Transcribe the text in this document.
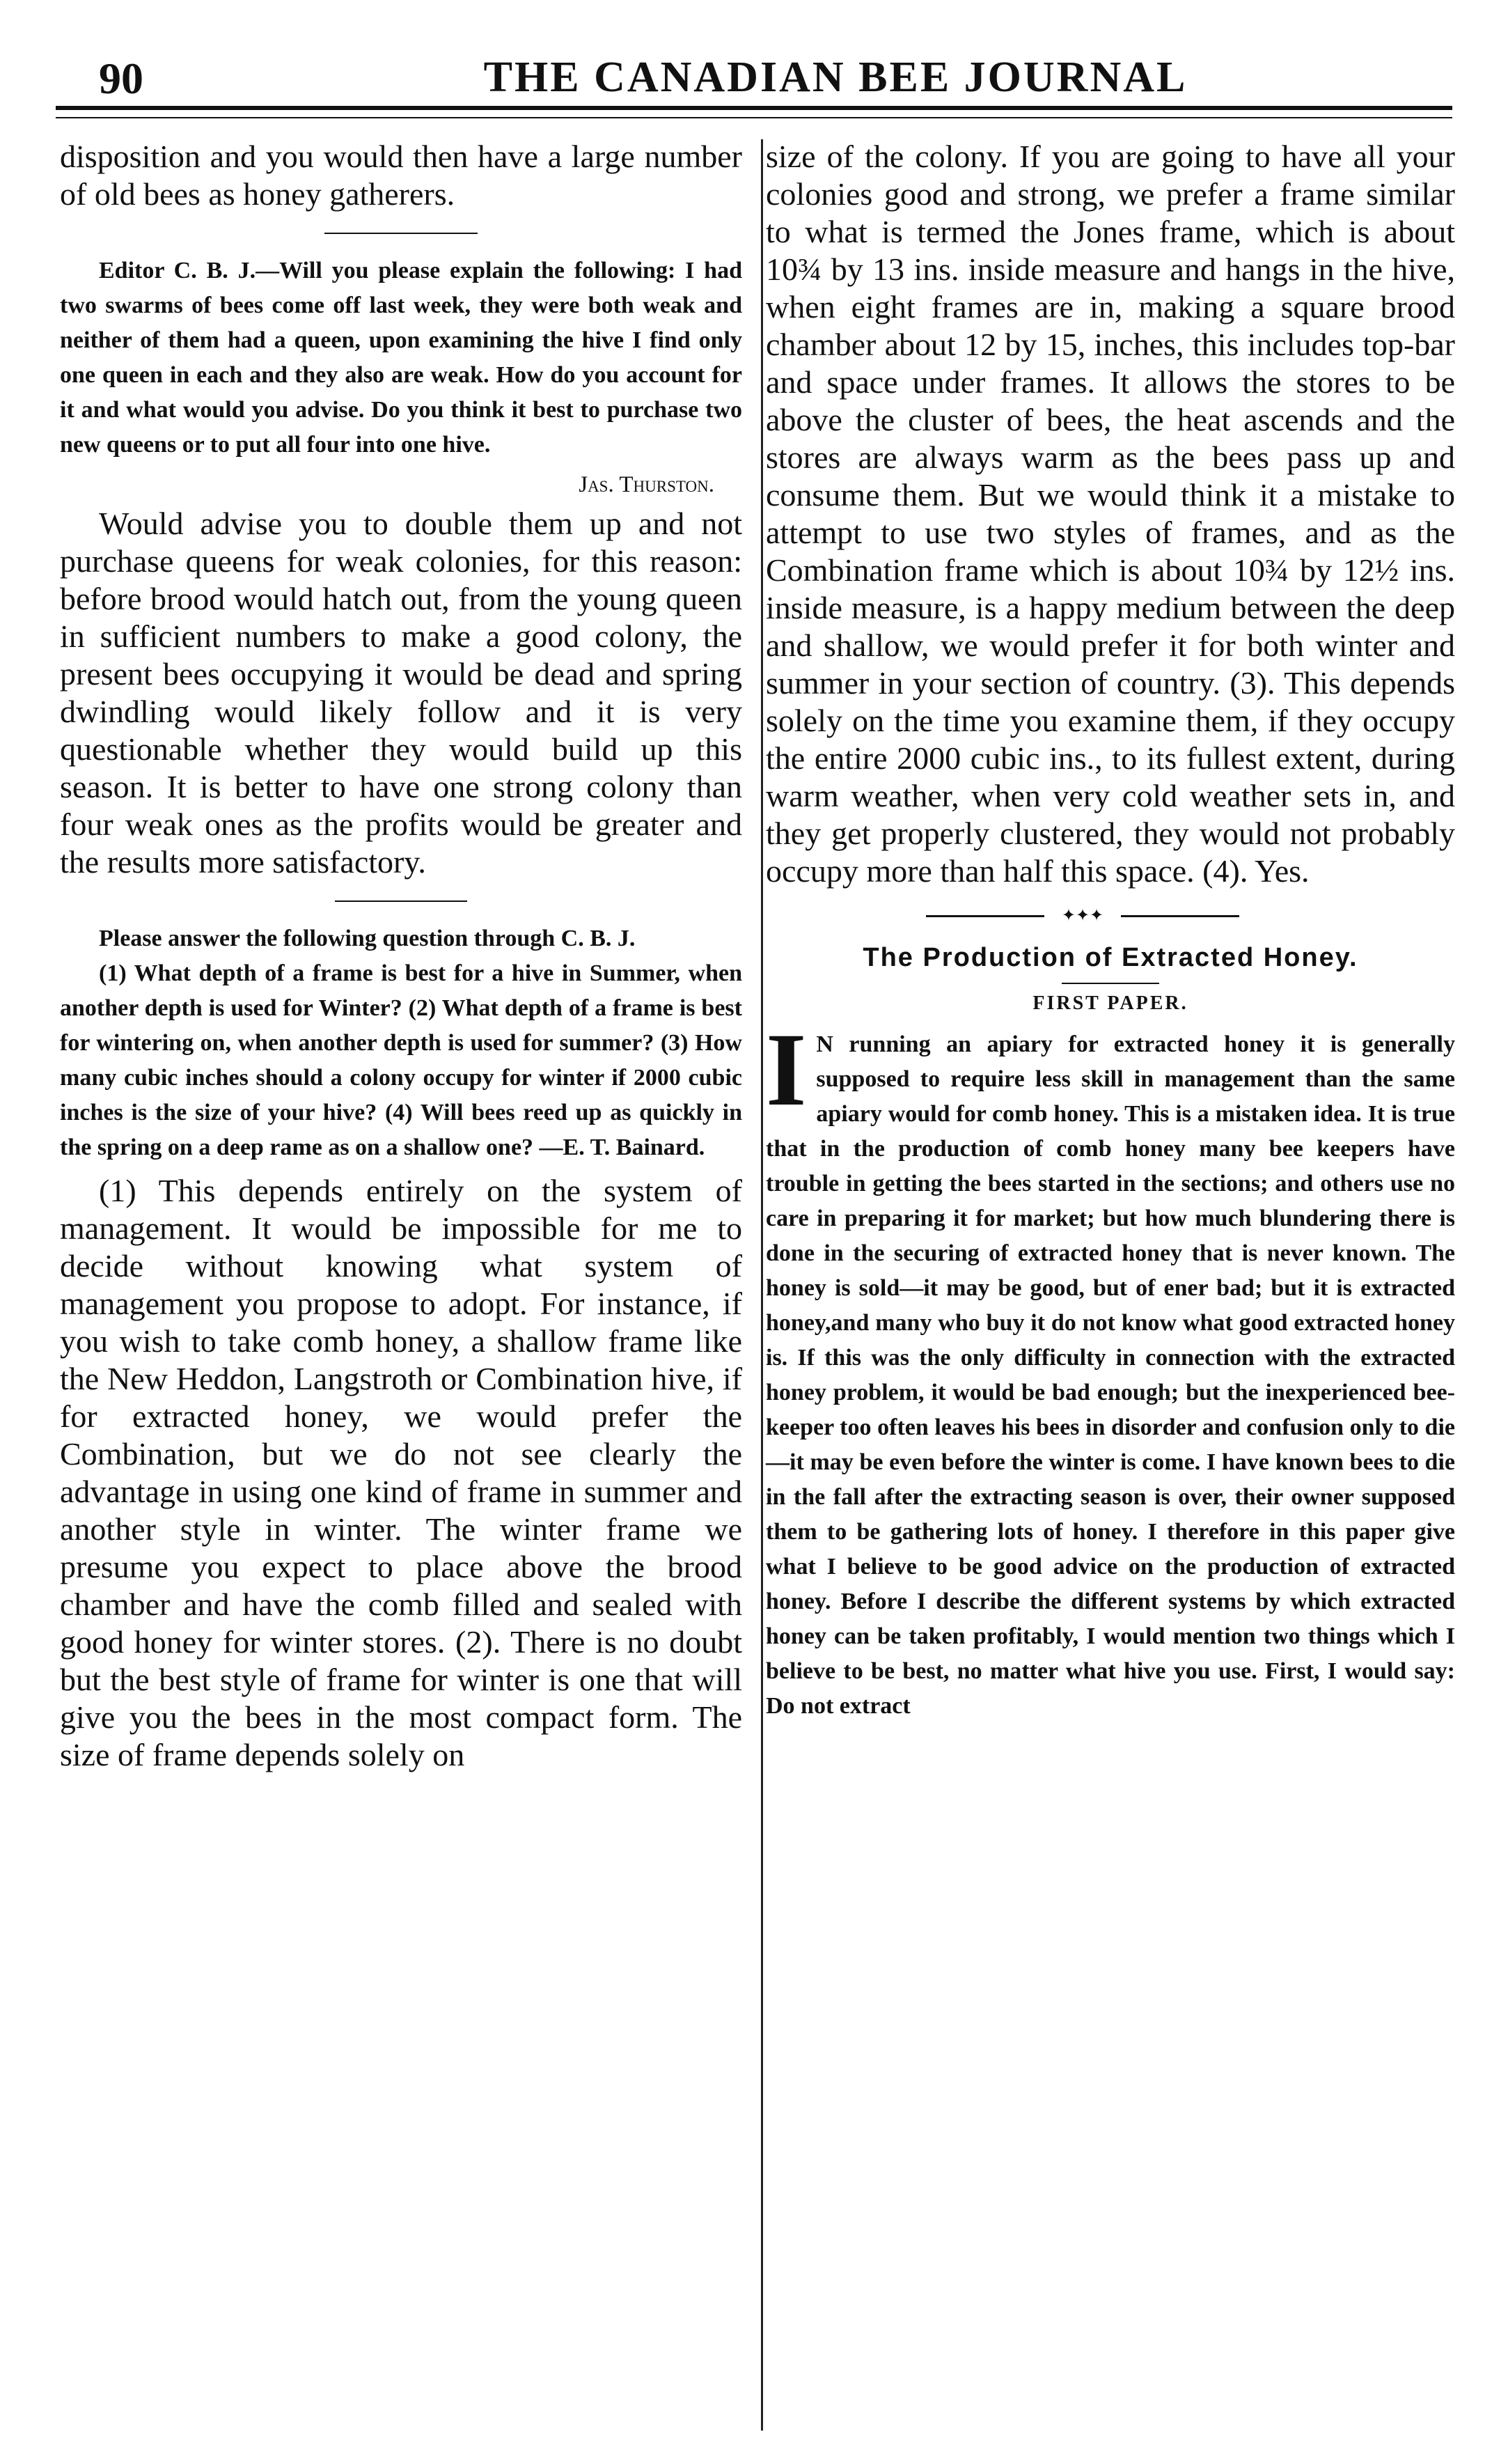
90	THE CANADIAN BEE JOURNAL

disposition and you would then have a large number of old bees as honey gatherers.

Editor C. B. J.—Will you please explain the following: I had two swarms of bees come off last week, they were both weak and neither of them had a queen, upon examining the hive I find only one queen in each and they also are weak. How do you account for it and what would you advise. Do you think it best to purchase two new queens or to put all four into one hive.

Jas. Thurston.

Would advise you to double them up and not purchase queens for weak colonies, for this reason: before brood would hatch out, from the young queen in sufficient numbers to make a good colony, the present bees occupying it would be dead and spring dwindling would likely follow and it is very questionable whether they would build up this season. It is better to have one strong colony than four weak ones as the profits would be greater and the results more satisfactory.

Please answer the following question through C. B. J.

(1) What depth of a frame is best for a hive in Summer, when another depth is used for Winter? (2) What depth of a frame is best for wintering on, when another depth is used for summer? (3) How many cubic inches should a colony occupy for winter if 2000 cubic inches is the size of your hive? (4) Will bees reed up as quickly in the spring on a deep rame as on a shallow one? —E. T. Bainard.

(1) This depends entirely on the system of management. It would be impossible for me to decide without knowing what system of management you propose to adopt. For instance, if you wish to take comb honey, a shallow frame like the New Heddon, Langstroth or Combination hive, if for extracted honey, we would prefer the Combination, but we do not see clearly the advantage in using one kind of frame in summer and another style in winter. The winter frame we presume you expect to place above the brood chamber and have the comb filled and sealed with good honey for winter stores. (2). There is no doubt but the best style of frame for winter is one that will give you the bees in the most compact form. The size of frame depends solely on

size of the colony. If you are going to have all your colonies good and strong, we prefer a frame similar to what is termed the Jones frame, which is about 10¾ by 13 ins. inside measure and hangs in the hive, when eight frames are in, making a square brood chamber about 12 by 15, inches, this includes top-bar and space under frames. It allows the stores to be above the cluster of bees, the heat ascends and the stores are always warm as the bees pass up and consume them. But we would think it a mistake to attempt to use two styles of frames, and as the Combination frame which is about 10¾ by 12½ ins. inside measure, is a happy medium between the deep and shallow, we would prefer it for both winter and summer in your section of country. (3). This depends solely on the time you examine them, if they occupy the entire 2000 cubic ins., to its fullest extent, during warm weather, when very cold weather sets in, and they get properly clustered, they would not probably occupy more than half this space. (4). Yes.

✦✦✦
The Production of Extracted Honey.
FIRST PAPER.

I N running an apiary for extracted honey it is generally supposed to require less skill in management than the same apiary would for comb honey. This is a mistaken idea. It is true that in the production of comb honey many bee keepers have trouble in getting the bees started in the sections; and others use no care in preparing it for market; but how much blundering there is done in the securing of extracted honey that is never known. The honey is sold—it may be good, but of ener bad; but it is extracted honey,and many who buy it do not know what good extracted honey is. If this was the only difficulty in connection with the extracted honey problem, it would be bad enough; but the inexperienced bee-keeper too often leaves his bees in disorder and confusion only to die—it may be even before the winter is come. I have known bees to die in the fall after the extracting season is over, their owner supposed them to be gathering lots of honey. I therefore in this paper give what I believe to be good advice on the production of extracted honey. Before I describe the different systems by which extracted honey can be taken profitably, I would mention two things which I believe to be best, no matter what hive you use. First, I would say: Do not extract
